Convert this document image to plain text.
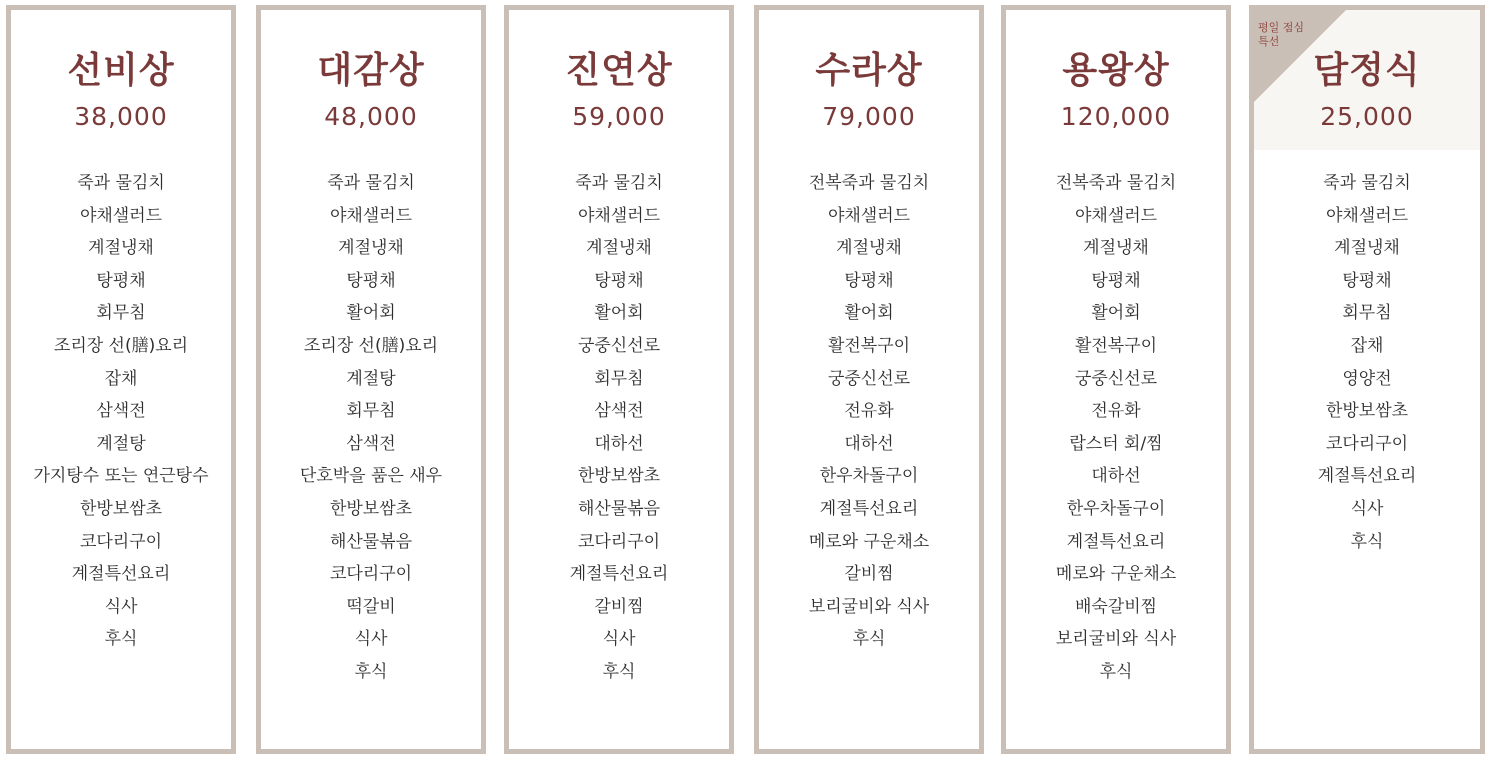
선비상
38,000
죽과 물김치
야채샐러드
계절냉채
탕평채
회무침
조리장 선(膳)요리
잡채
삼색전
계절탕
가지탕수 또는 연근탕수
한방보쌈초
코다리구이
계절특선요리
식사
후식
대감상
48,000
죽과 물김치
야채샐러드
계절냉채
탕평채
활어회
조리장 선(膳)요리
계절탕
회무침
삼색전
단호박을 품은 새우
한방보쌈초
해산물볶음
코다리구이
떡갈비
식사
후식
진연상
59,000
죽과 물김치
야채샐러드
계절냉채
탕평채
활어회
궁중신선로
회무침
삼색전
대하선
한방보쌈초
해산물볶음
코다리구이
계절특선요리
갈비찜
식사
후식
수라상
79,000
전복죽과 물김치
야채샐러드
계절냉채
탕평채
활어회
활전복구이
궁중신선로
전유화
대하선
한우차돌구이
계절특선요리
메로와 구운채소
갈비찜
보리굴비와 식사
후식
용왕상
120,000
전복죽과 물김치
야채샐러드
계절냉채
탕평채
활어회
활전복구이
궁중신선로
전유화
랍스터 회/찜
대하선
한우차돌구이
계절특선요리
메로와 구운채소
배숙갈비찜
보리굴비와 식사
후식
담정식
25,000
평일 점심
특선
죽과 물김치
야채샐러드
계절냉채
탕평채
회무침
잡채
영양전
한방보쌈초
코다리구이
계절특선요리
식사
후식
